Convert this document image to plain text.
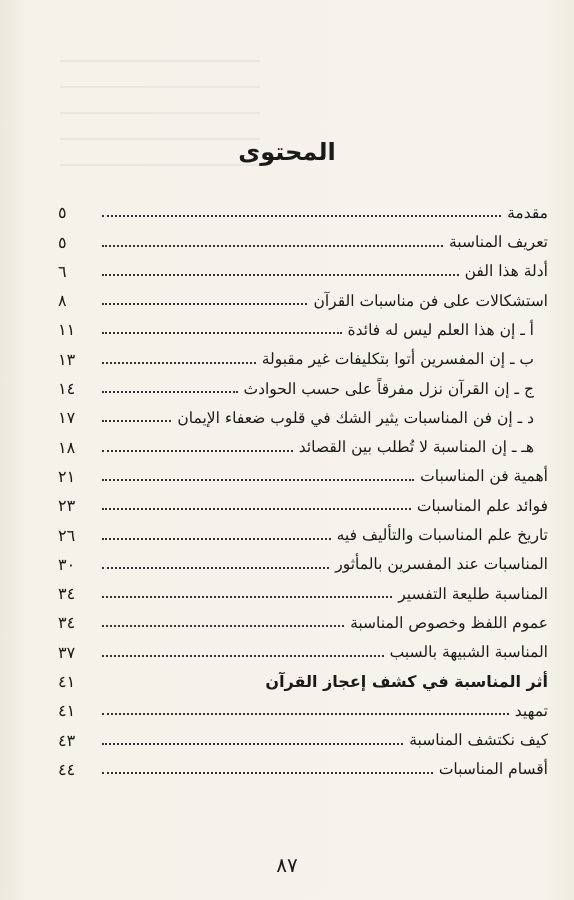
المحتوى
مقدمة
٥
تعريف المناسبة
٥
أدلة هذا الفن
٦
استشكالات على فن مناسبات القرآن
٨
أ ـ إن هذا العلم ليس له فائدة
١١
ب ـ إن المفسرين أتوا بتكليفات غير مقبولة
١٣
ج ـ إن القرآن نزل مفرقاً على حسب الحوادث
١٤
د ـ إن فن المناسبات يثير الشك في قلوب ضعفاء الإيمان
١٧
هـ ـ إن المناسبة لا تُطلب بين القصائد
١٨
أهمية فن المناسبات
٢١
فوائد علم المناسبات
٢٣
تاريخ علم المناسبات والتأليف فيه
٢٦
المناسبات عند المفسرين بالمأثور
٣٠
المناسبة طليعة التفسير
٣٤
عموم اللفظ وخصوص المناسبة
٣٤
المناسبة الشبيهة بالسبب
٣٧
أثر المناسبة في كشف إعجاز القرآن
٤١
تمهيد
٤١
كيف نكتشف المناسبة
٤٣
أقسام المناسبات
٤٤
٨٧
